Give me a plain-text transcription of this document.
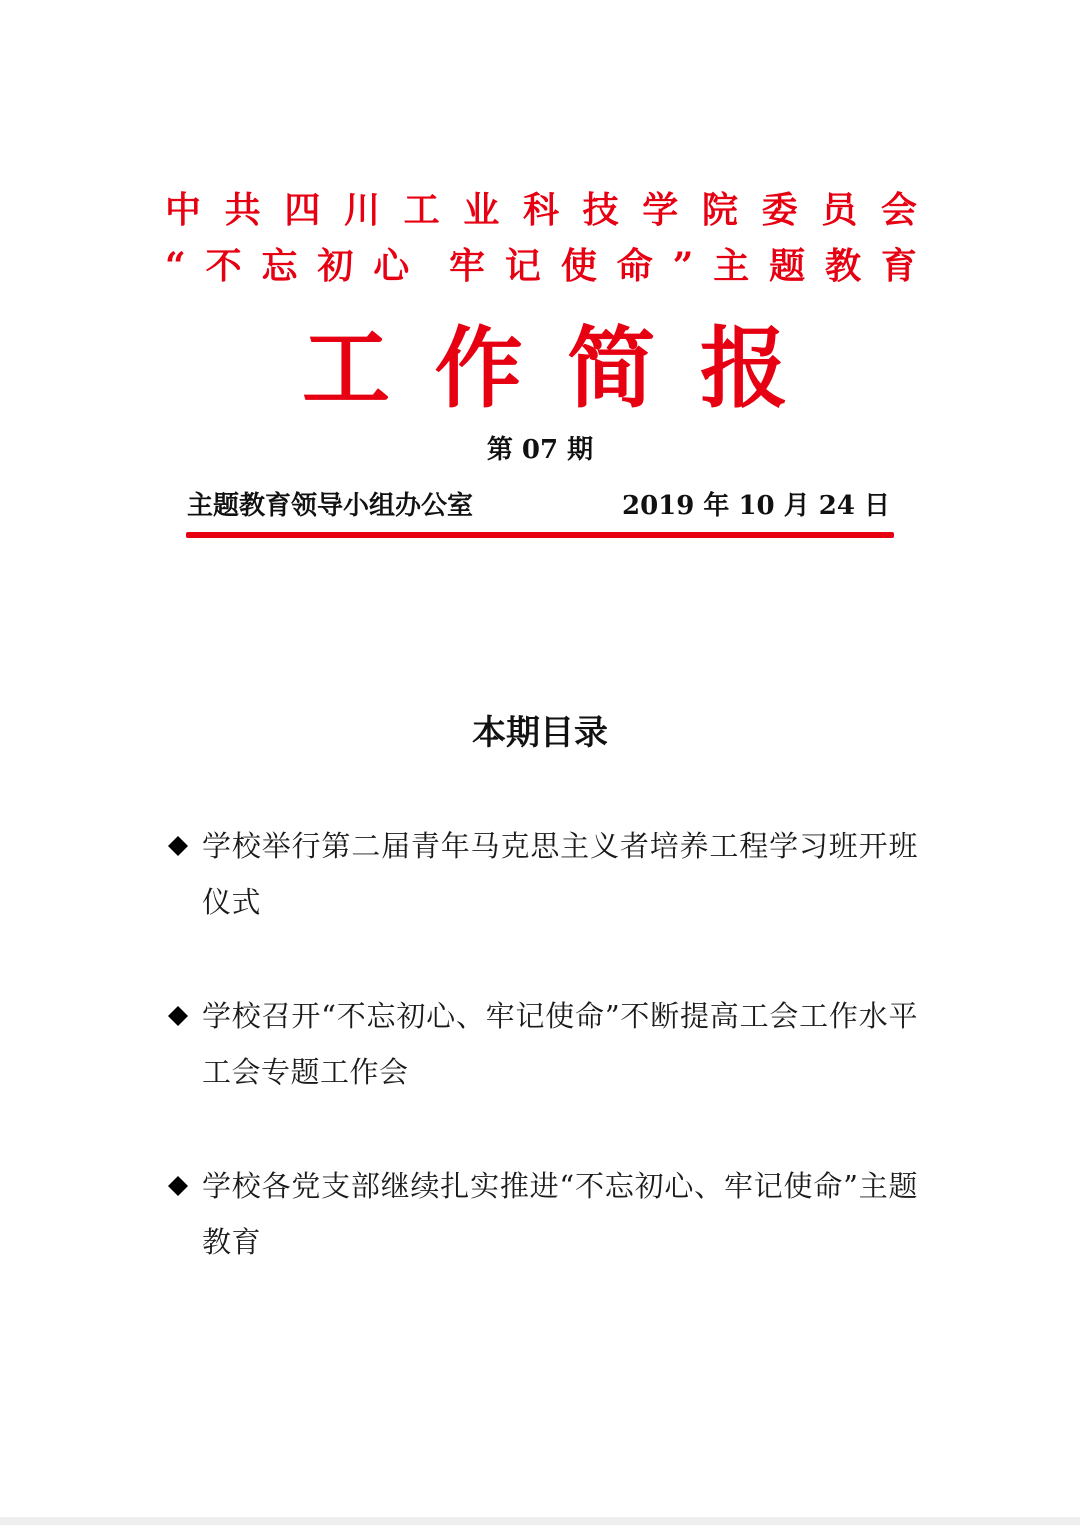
中 共 四 川 工 业 科 技 学 院 委 员 会
“ 不 忘 初 心 牢 记 使 命 ” 主 题 教 育
工 作 简 报
第 07 期
主题教育领导小组办公室	2019 年 10 月 24 日
本期目录
学校举行第二届青年马克思主义者培养工程学习班开班仪式
学校召开“不忘初心、牢记使命”不断提高工会工作水平工会专题工作会
学校各党支部继续扎实推进“不忘初心、牢记使命”主题教育
